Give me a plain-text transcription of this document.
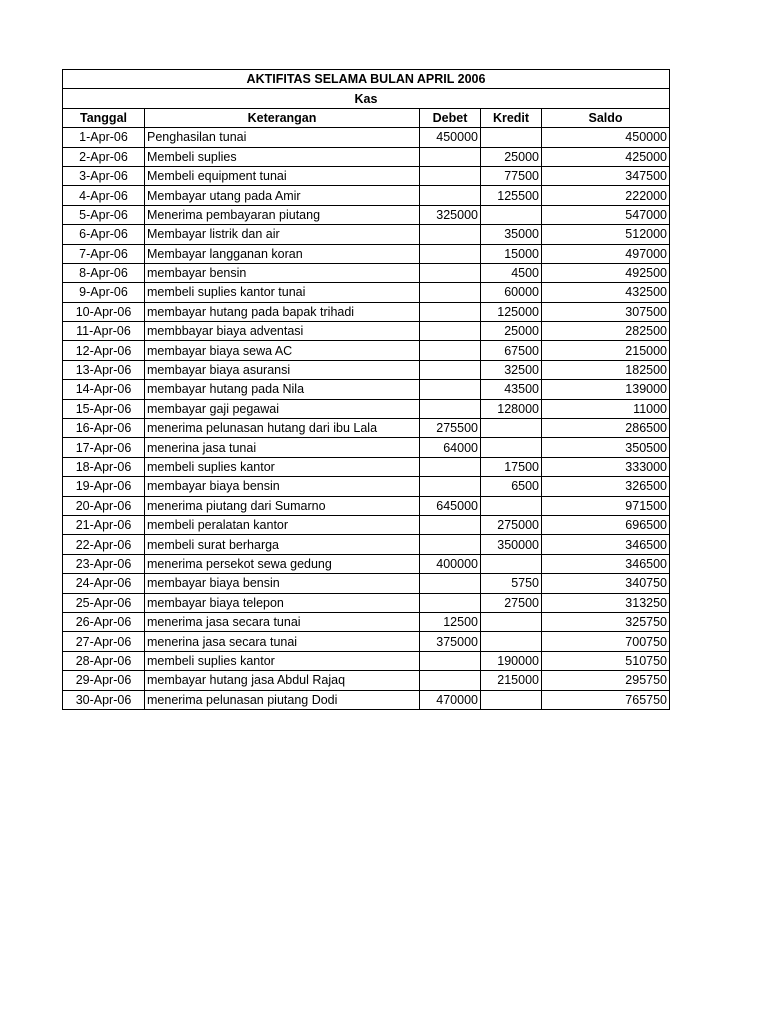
AKTIFITAS SELAMA BULAN APRIL 2006				
Kas				
Tanggal	Keterangan	Debet	Kredit	Saldo
1-Apr-06	Penghasilan tunai	450000		450000
2-Apr-06	Membeli suplies		25000	425000
3-Apr-06	Membeli equipment tunai		77500	347500
4-Apr-06	Membayar utang pada Amir		125500	222000
5-Apr-06	Menerima pembayaran piutang	325000		547000
6-Apr-06	Membayar listrik dan air		35000	512000
7-Apr-06	Membayar langganan koran		15000	497000
8-Apr-06	membayar bensin		4500	492500
9-Apr-06	membeli suplies kantor tunai		60000	432500
10-Apr-06	membayar hutang pada bapak trihadi		125000	307500
11-Apr-06	membbayar biaya adventasi		25000	282500
12-Apr-06	membayar biaya sewa AC		67500	215000
13-Apr-06	membayar biaya asuransi		32500	182500
14-Apr-06	membayar hutang pada Nila		43500	139000
15-Apr-06	membayar gaji pegawai		128000	11000
16-Apr-06	menerima pelunasan hutang dari ibu Lala	275500		286500
17-Apr-06	menerina jasa tunai	64000		350500
18-Apr-06	membeli suplies kantor		17500	333000
19-Apr-06	membayar biaya bensin		6500	326500
20-Apr-06	menerima piutang dari Sumarno	645000		971500
21-Apr-06	membeli peralatan kantor		275000	696500
22-Apr-06	membeli surat berharga		350000	346500
23-Apr-06	menerima persekot sewa gedung	400000		346500
24-Apr-06	membayar biaya bensin		5750	340750
25-Apr-06	membayar biaya telepon		27500	313250
26-Apr-06	menerima jasa secara tunai	12500		325750
27-Apr-06	menerina jasa secara tunai	375000		700750
28-Apr-06	membeli suplies kantor		190000	510750
29-Apr-06	membayar hutang jasa Abdul Rajaq		215000	295750
30-Apr-06	menerima pelunasan piutang Dodi	470000		765750
